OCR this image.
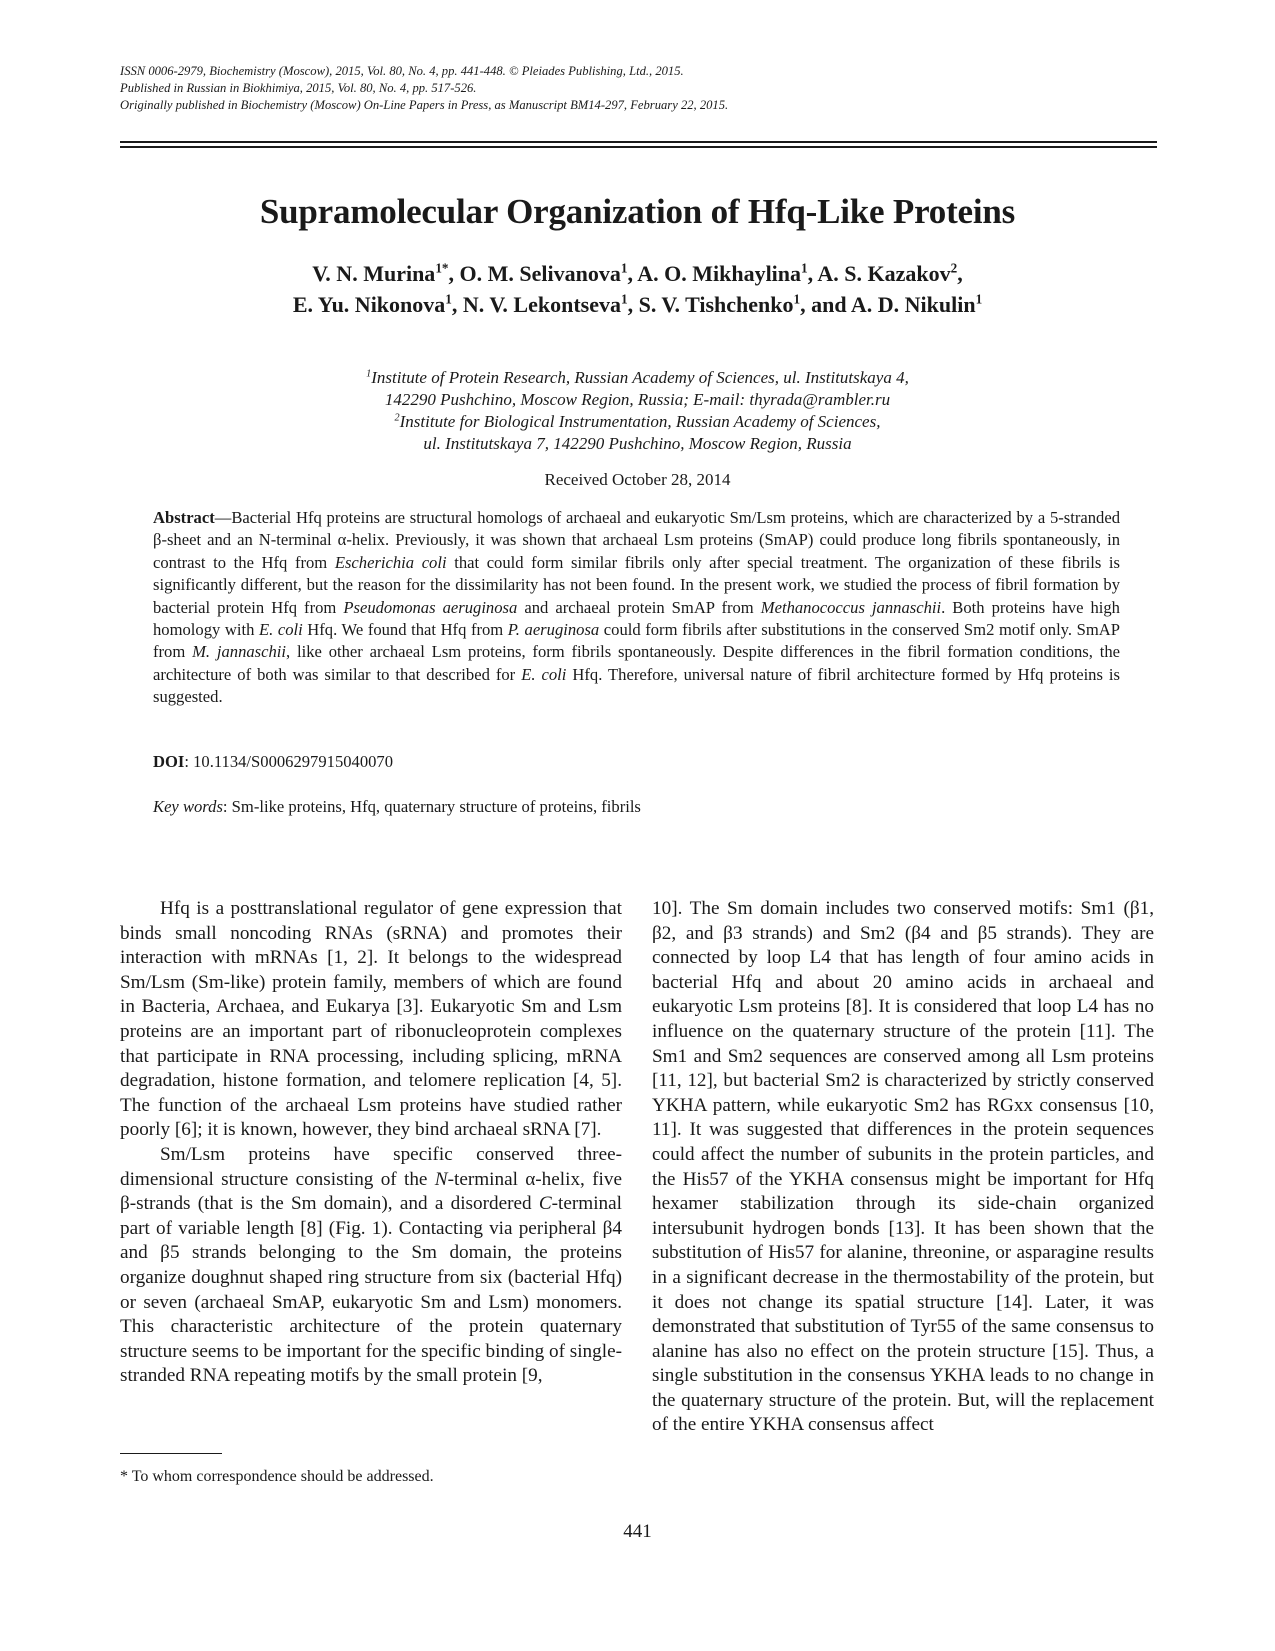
ISSN 0006-2979, Biochemistry (Moscow), 2015, Vol. 80, No. 4, pp. 441-448. © Pleiades Publishing, Ltd., 2015.
Published in Russian in Biokhimiya, 2015, Vol. 80, No. 4, pp. 517-526.
Originally published in Biochemistry (Moscow) On-Line Papers in Press, as Manuscript BM14-297, February 22, 2015.
Supramolecular Organization of Hfq-Like Proteins
V. N. Murina$^{1*}$, O. M. Selivanova$^1$, A. O. Mikhaylina$^1$, A. S. Kazakov$^2$,
E. Yu. Nikonova$^1$, N. V. Lekontseva$^1$, S. V. Tishchenko$^1$, and A. D. Nikulin$^1$
$^1$Institute of Protein Research, Russian Academy of Sciences, ul. Institutskaya 4,
142290 Pushchino, Moscow Region, Russia; E-mail: thyrada@rambler.ru
$^2$Institute for Biological Instrumentation, Russian Academy of Sciences,
ul. Institutskaya 7, 142290 Pushchino, Moscow Region, Russia
Received October 28, 2014
Abstract—Bacterial Hfq proteins are structural homologs of archaeal and eukaryotic Sm/Lsm proteins, which are characterized by a 5-stranded β-sheet and an N-terminal α-helix. Previously, it was shown that archaeal Lsm proteins (SmAP) could produce long fibrils spontaneously, in contrast to the Hfq from Escherichia coli that could form similar fibrils only after special treatment. The organization of these fibrils is significantly different, but the reason for the dissimilarity has not been found. In the present work, we studied the process of fibril formation by bacterial protein Hfq from Pseudomonas aeruginosa and archaeal protein SmAP from Methanococcus jannaschii. Both proteins have high homology with E. coli Hfq. We found that Hfq from P. aeruginosa could form fibrils after substitutions in the conserved Sm2 motif only. SmAP from M. jannaschii, like other archaeal Lsm proteins, form fibrils spontaneously. Despite differences in the fibril formation conditions, the architecture of both was similar to that described for E. coli Hfq. Therefore, universal nature of fibril architecture formed by Hfq proteins is suggested.
DOI: 10.1134/S0006297915040070
Key words: Sm-like proteins, Hfq, quaternary structure of proteins, fibrils

Hfq is a posttranslational regulator of gene expression that binds small noncoding RNAs (sRNA) and promotes their interaction with mRNAs [1, 2]. It belongs to the widespread Sm/Lsm (Sm-like) protein family, members of which are found in Bacteria, Archaea, and Eukarya [3]. Eukaryotic Sm and Lsm proteins are an important part of ribonucleoprotein complexes that participate in RNA processing, including splicing, mRNA degradation, histone formation, and telomere replication [4, 5]. The function of the archaeal Lsm proteins have studied rather poorly [6]; it is known, however, they bind archaeal sRNA [7].

Sm/Lsm proteins have specific conserved three-dimensional structure consisting of the N-terminal α-helix, five β-strands (that is the Sm domain), and a disordered C-terminal part of variable length [8] (Fig. 1). Contacting via peripheral β4 and β5 strands belonging to the Sm domain, the proteins organize doughnut shaped ring structure from six (bacterial Hfq) or seven (archaeal SmAP, eukaryotic Sm and Lsm) monomers. This characteristic architecture of the protein quaternary structure seems to be important for the specific binding of single-stranded RNA repeating motifs by the small protein [9,

10]. The Sm domain includes two conserved motifs: Sm1 (β1, β2, and β3 strands) and Sm2 (β4 and β5 strands). They are connected by loop L4 that has length of four amino acids in bacterial Hfq and about 20 amino acids in archaeal and eukaryotic Lsm proteins [8]. It is considered that loop L4 has no influence on the quaternary structure of the protein [11]. The Sm1 and Sm2 sequences are conserved among all Lsm proteins [11, 12], but bacterial Sm2 is characterized by strictly conserved YKHA pattern, while eukaryotic Sm2 has RGxx consensus [10, 11]. It was suggested that differences in the protein sequences could affect the number of subunits in the protein particles, and the His57 of the YKHA consensus might be important for Hfq hexamer stabilization through its side-chain organized intersubunit hydrogen bonds [13]. It has been shown that the substitution of His57 for alanine, threonine, or asparagine results in a significant decrease in the thermostability of the protein, but it does not change its spatial structure [14]. Later, it was demonstrated that substitution of Tyr55 of the same consensus to alanine has also no effect on the protein structure [15]. Thus, a single substitution in the consensus YKHA leads to no change in the quaternary structure of the protein. But, will the replacement of the entire YKHA consensus affect

* To whom correspondence should be addressed.
441
